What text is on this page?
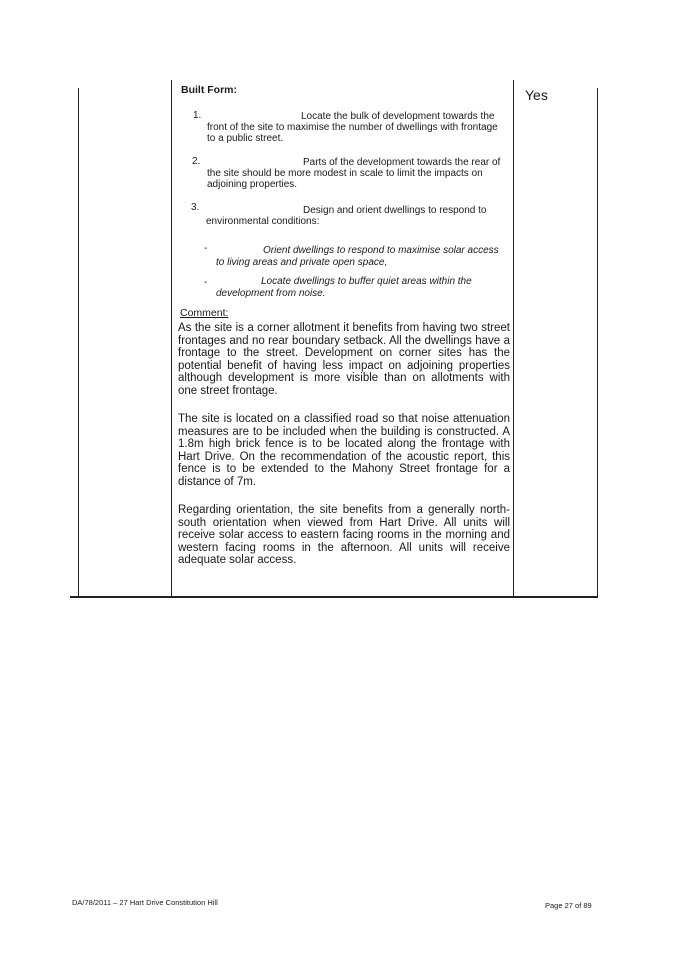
Built Form:	Yes
1.	Locate the bulk of development towards the
front of the site to maximise the number of dwellings with frontage
to a public street.
2.	Parts of the development towards the rear of
the site should be more modest in scale to limit the impacts on
adjoining properties.
3.	Design and orient dwellings to respond to
environmental conditions:
-	Orient dwellings to respond to maximise solar access
to living areas and private open space,
-	Locate dwellings to buffer quiet areas within the
development from noise.
Comment:
As the site is a corner allotment it benefits from having two street frontages and no rear boundary setback. All the dwellings have a frontage to the street. Development on corner sites has the potential benefit of having less impact on adjoining properties although development is more visible than on allotments with one street frontage.
The site is located on a classified road so that noise attenuation measures are to be included when the building is constructed. A 1.8m high brick fence is to be located along the frontage with Hart Drive. On the recommendation of the acoustic report, this fence is to be extended to the Mahony Street frontage for a distance of 7m.
Regarding orientation, the site benefits from a generally north-south orientation when viewed from Hart Drive. All units will receive solar access to eastern facing rooms in the morning and western facing rooms in the afternoon. All units will receive adequate solar access.
DA/78/2011 – 27 Hart Drive Constitution Hill	Page 27 of 89
